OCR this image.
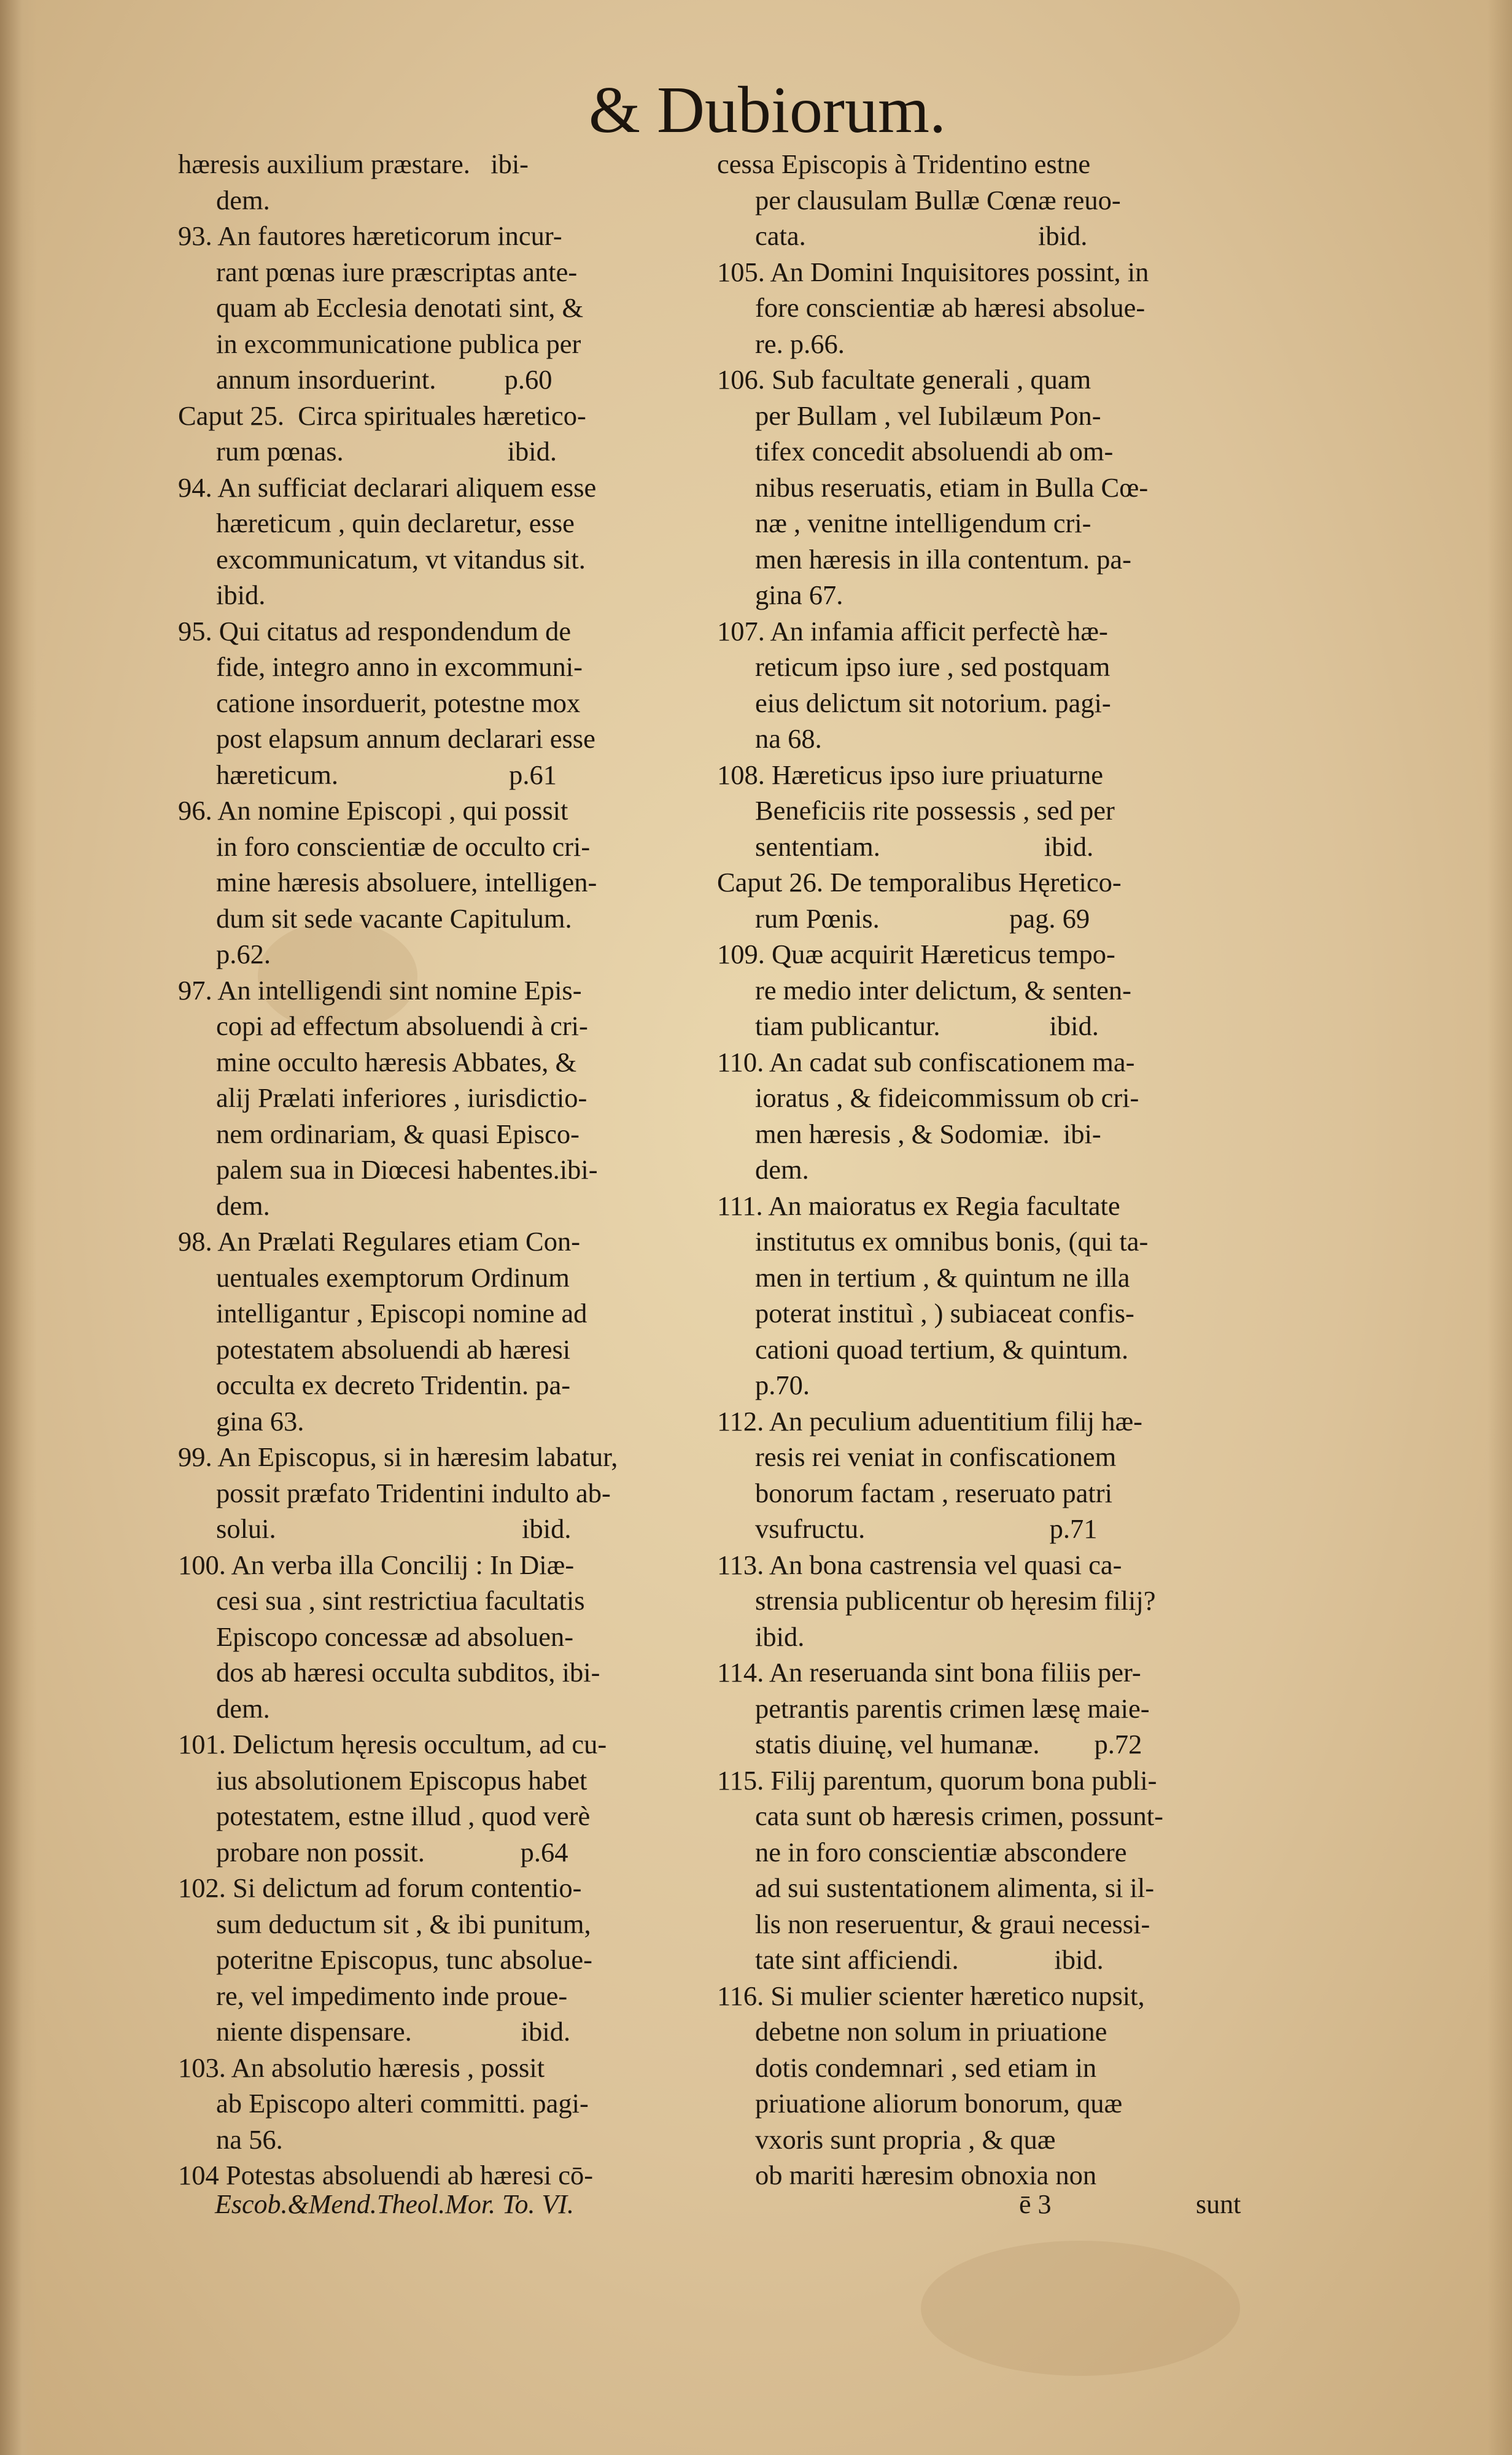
& Dubiorum.
hæresis auxilium præstare.   ibi-
dem.
93. An fautores hæreticorum incur-
rant pœnas iure præscriptas ante-
quam ab Ecclesia denotati sint, &
in excommunicatione publica per
annum insorduerint.          p.60
Caput 25.  Circa spirituales hæretico-
rum pœnas.                        ibid.
94. An sufficiat declarari aliquem esse
hæreticum , quin declaretur, esse
excommunicatum, vt vitandus sit.
ibid.
95. Qui citatus ad respondendum de
fide, integro anno in excommuni-
catione insorduerit, potestne mox
post elapsum annum declarari esse
hæreticum.                         p.61
96. An nomine Episcopi , qui possit
in foro conscientiæ de occulto cri-
mine hæresis absoluere, intelligen-
dum sit sede vacante Capitulum.
p.62.
97. An intelligendi sint nomine Epis-
copi ad effectum absoluendi à cri-
mine occulto hæresis Abbates, &
alij Prælati inferiores , iurisdictio-
nem ordinariam, & quasi Episco-
palem sua in Diœcesi habentes.ibi-
dem.
98. An Prælati Regulares etiam Con-
uentuales exemptorum Ordinum
intelligantur , Episcopi nomine ad
potestatem absoluendi ab hæresi
occulta ex decreto Tridentin. pa-
gina 63.
99. An Episcopus, si in hæresim labatur,
possit præfato Tridentini indulto ab-
solui.                                    ibid.
100. An verba illa Concilij : In Diæ-
cesi sua , sint restrictiua facultatis
Episcopo concessæ ad absoluen-
dos ab hæresi occulta subditos, ibi-
dem.
101. Delictum hęresis occultum, ad cu-
ius absolutionem Episcopus habet
potestatem, estne illud , quod verè
probare non possit.              p.64
102. Si delictum ad forum contentio-
sum deductum sit , & ibi punitum,
poteritne Episcopus, tunc absolue-
re, vel impedimento inde proue-
niente dispensare.                ibid.
103. An absolutio hæresis , possit
ab Episcopo alteri committi. pagi-
na 56.
104 Potestas absoluendi ab hæresi cō-
cessa Episcopis à Tridentino estne
per clausulam Bullæ Cœnæ reuo-
cata.                                  ibid.
105. An Domini Inquisitores possint, in
fore conscientiæ ab hæresi absolue-
re. p.66.
106. Sub facultate generali , quam
per Bullam , vel Iubilæum Pon-
tifex concedit absoluendi ab om-
nibus reseruatis, etiam in Bulla Cœ-
næ , venitne intelligendum cri-
men hæresis in illa contentum. pa-
gina 67.
107. An infamia afficit perfectè hæ-
reticum ipso iure , sed postquam
eius delictum sit notorium. pagi-
na 68.
108. Hæreticus ipso iure priuaturne
Beneficiis rite possessis , sed per
sententiam.                        ibid.
Caput 26. De temporalibus Hęretico-
rum Pœnis.                   pag. 69
109. Quæ acquirit Hæreticus tempo-
re medio inter delictum, & senten-
tiam publicantur.                ibid.
110. An cadat sub confiscationem ma-
ioratus , & fideicommissum ob cri-
men hæresis , & Sodomiæ.  ibi-
dem.
111. An maioratus ex Regia facultate
institutus ex omnibus bonis, (qui ta-
men in tertium , & quintum ne illa
poterat instituì , ) subiaceat confis-
cationi quoad tertium, & quintum.
p.70.
112. An peculium aduentitium filij hæ-
resis rei veniat in confiscationem
bonorum factam , reseruato patri
vsufructu.                           p.71
113. An bona castrensia vel quasi ca-
strensia publicentur ob hęresim filij?
ibid.
114. An reseruanda sint bona filiis per-
petrantis parentis crimen læsę maie-
statis diuinę, vel humanæ.        p.72
115. Filij parentum, quorum bona publi-
cata sunt ob hæresis crimen, possunt-
ne in foro conscientiæ abscondere
ad sui sustentationem alimenta, si il-
lis non reseruentur, & graui necessi-
tate sint afficiendi.              ibid.
116. Si mulier scienter hæretico nupsit,
debetne non solum in priuatione
dotis condemnari , sed etiam in
priuatione aliorum bonorum, quæ
vxoris sunt propria , & quæ
ob mariti hæresim obnoxia non
Escob.&Mend.Theol.Mor. To. VI.	ē 3	sunt
